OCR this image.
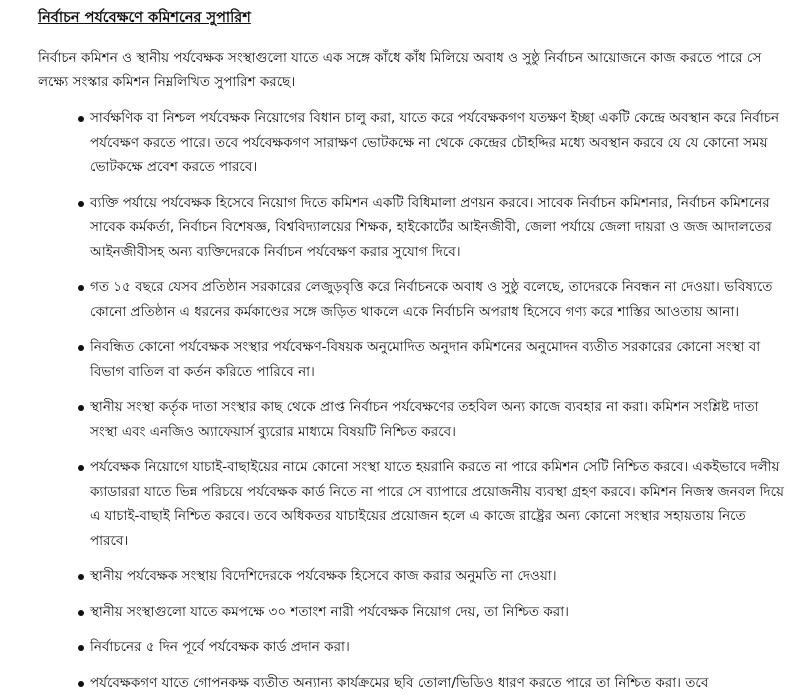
নির্বাচন পর্যবেক্ষণে কমিশনের সুপারিশ
নির্বাচন কমিশন ও স্থানীয় পর্যবেক্ষক সংস্থাগুলো যাতে এক সঙ্গে কাঁধে কাঁধ মিলিয়ে অবাধ ও সুষ্ঠু নির্বাচন আয়োজনে কাজ করতে পারে সে লক্ষ্যে সংস্কার কমিশন নিম্নলিখিত সুপারিশ করছে।
সার্বক্ষণিক বা নিশ্চল পর্যবেক্ষক নিয়োগের বিধান চালু করা, যাতে করে পর্যবেক্ষকগণ যতক্ষণ ইচ্ছা একটি কেন্দ্রে অবস্থান করে নির্বাচন পর্যবেক্ষণ করতে পারে। তবে পর্যবেক্ষকগণ সারাক্ষণ ভোটকক্ষে না থেকে কেন্দ্রের চৌহদ্দির মধ্যে অবস্থান করবে যে যে কোনো সময় ভোটকক্ষে প্রবেশ করতে পারবে।
ব্যক্তি পর্যায়ে পর্যবেক্ষক হিসেবে নিয়োগ দিতে কমিশন একটি বিধিমালা প্রণয়ন করবে। সাবেক নির্বাচন কমিশনার, নির্বাচন কমিশনের সাবেক কর্মকর্তা, নির্বাচন বিশেষজ্ঞ, বিশ্ববিদ্যালয়ের শিক্ষক, হাইকোর্টের আইনজীবী, জেলা পর্যায়ে জেলা দায়রা ও জজ আদালতের আইনজীবীসহ অন্য ব্যক্তিদেরকে নির্বাচন পর্যবেক্ষণ করার সুযোগ দিবে।
গত ১৫ বছরে যেসব প্রতিষ্ঠান সরকারের লেজুড়বৃত্তি করে নির্বাচনকে অবাধ ও সুষ্ঠু বলেছে, তাদেরকে নিবন্ধন না দেওয়া। ভবিষ্যতে কোনো প্রতিষ্ঠান এ ধরনের কর্মকাণ্ডের সঙ্গে জড়িত থাকলে একে নির্বাচনি অপরাধ হিসেবে গণ্য করে শাস্তির আওতায় আনা।
নিবন্ধিত কোনো পর্যবেক্ষক সংস্থার পর্যবেক্ষণ-বিষয়ক অনুমোদিত অনুদান কমিশনের অনুমোদন ব্যতীত সরকারের কোনো সংস্থা বা বিভাগ বাতিল বা কর্তন করিতে পারিবে না।
স্থানীয় সংস্থা কর্তৃক দাতা সংস্থার কাছ থেকে প্রাপ্ত নির্বাচন পর্যবেক্ষণের তহবিল অন্য কাজে ব্যবহার না করা। কমিশন সংশ্লিষ্ট দাতা সংস্থা এবং এনজিও অ্যাফেয়ার্স ব্যুরোর মাধ্যমে বিষয়টি নিশ্চিত করবে।
পর্যবেক্ষক নিয়োগে যাচাই-বাছাইয়ের নামে কোনো সংস্থা যাতে হয়রানি করতে না পারে কমিশন সেটি নিশ্চিত করবে। একইভাবে দলীয় ক্যাডাররা যাতে ভিন্ন পরিচয়ে পর্যবেক্ষক কার্ড নিতে না পারে সে ব্যাপারে প্রয়োজনীয় ব্যবস্থা গ্রহণ করবে। কমিশন নিজস্ব জনবল দিয়ে এ যাচাই-বাছাই নিশ্চিত করবে। তবে অধিকতর যাচাইয়ের প্রয়োজন হলে এ কাজে রাষ্ট্রের অন্য কোনো সংস্থার সহায়তায় নিতে পারবে।
স্থানীয় পর্যবেক্ষক সংস্থায় বিদেশিদেরকে পর্যবেক্ষক হিসেবে কাজ করার অনুমতি না দেওয়া।
স্থানীয় সংস্থাগুলো যাতে কমপক্ষে ৩০ শতাংশ নারী পর্যবেক্ষক নিয়োগ দেয়, তা নিশ্চিত করা।
নির্বাচনের ৫ দিন পূর্বে পর্যবেক্ষক কার্ড প্রদান করা।
পর্যবেক্ষকগণ যাতে গোপনকক্ষ ব্যতীত অন্যান্য কার্যক্রমের ছবি তোলা/ভিডিও ধারণ করতে পারে তা নিশ্চিত করা। তবে
